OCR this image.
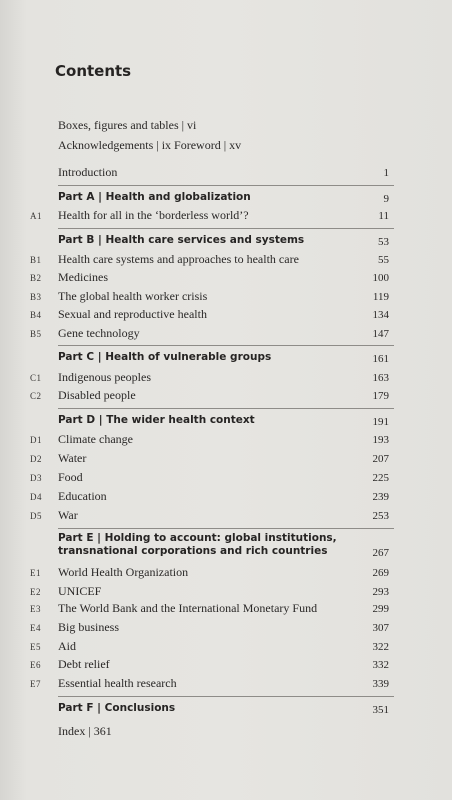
Contents
Boxes, figures and tables | vi
Acknowledgements | ix Foreword | xv
Introduction	1
Part A | Health and globalization	9
A1 Health for all in the ‘borderless world’?	11
Part B | Health care services and systems	53
B1 Health care systems and approaches to health care	55
B2 Medicines	100
B3 The global health worker crisis	119
B4 Sexual and reproductive health	134
B5 Gene technology	147
Part C | Health of vulnerable groups	161
C1 Indigenous peoples	163
C2 Disabled people	179
Part D | The wider health context	191
D1 Climate change	193
D2 Water	207
D3 Food	225
D4 Education	239
D5 War	253
Part E | Holding to account: global institutions,
transnational corporations and rich countries	267
E1 World Health Organization	269
E2 UNICEF	293
E3 The World Bank and the International Monetary Fund	299
E4 Big business	307
E5 Aid	322
E6 Debt relief	332
E7 Essential health research	339
Part F | Conclusions	351
Index | 361
